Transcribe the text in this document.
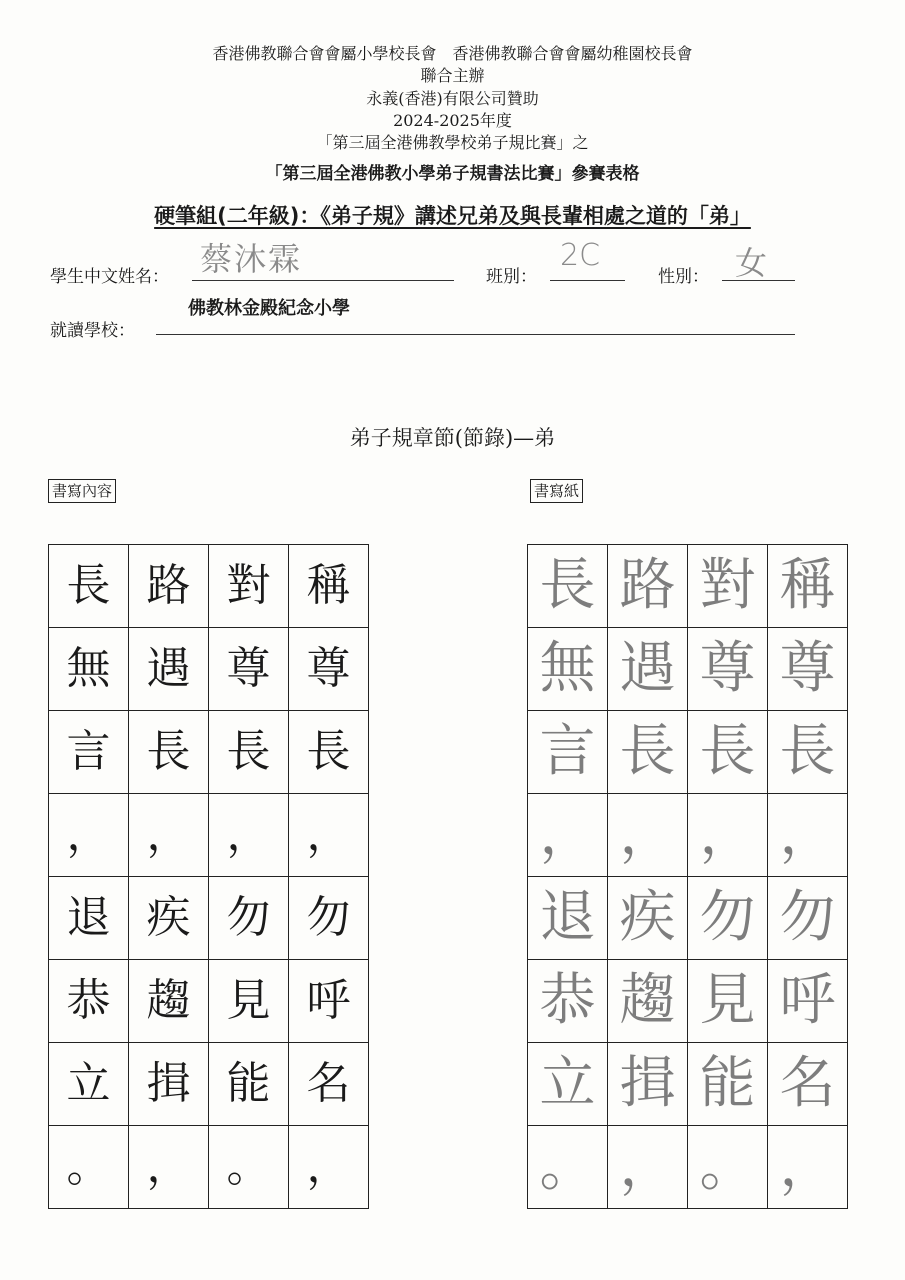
香港佛教聯合會會屬小學校長會　香港佛教聯合會會屬幼稚園校長會
聯合主辦
永義(香港)有限公司贊助
2024-2025年度
「第三屆全港佛教學校弟子規比賽」之
「第三屆全港佛教小學弟子規書法比賽」參賽表格
硬筆組(二年級)：《弟子規》講述兄弟及與長輩相處之道的「弟」
學生中文姓名： 蔡沐霖	班別：
2C
性別： 女
佛教林金殿紀念小學
就讀學校：
弟子規章節(節錄)—弟
書寫內容	書寫紙
長 路 對 稱
無 遇 尊 尊
言 長 長 長
， ， ， ，
退 疾 勿 勿
恭 趨 見 呼
立 揖 能 名
。 ， 。 ，
長 路 對 稱
無 遇 尊 尊
言 長 長 長
， ， ， ，
退 疾 勿 勿
恭 趨 見 呼
立 揖 能 名
。 ， 。 ，
